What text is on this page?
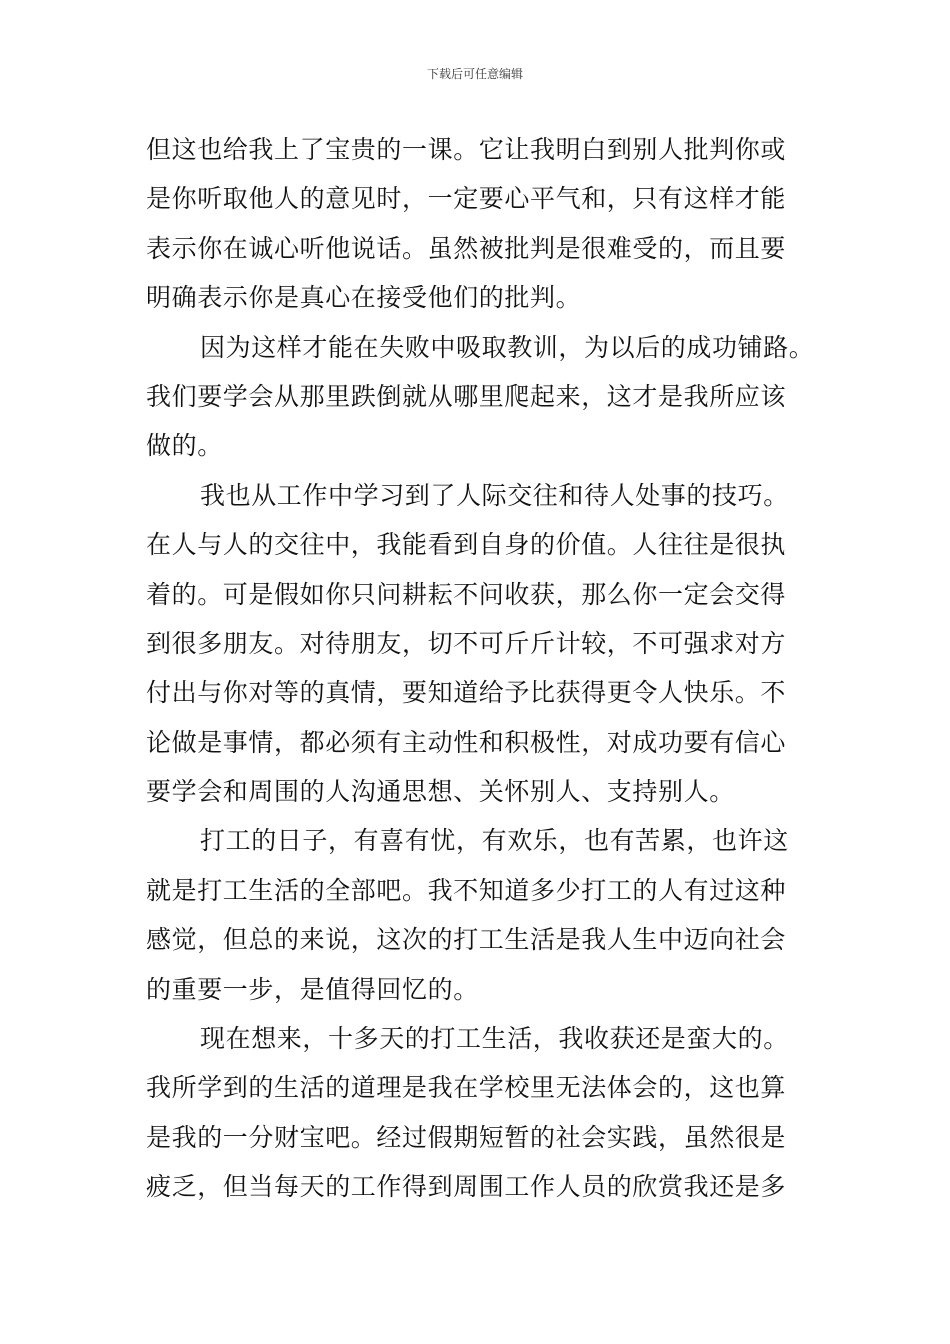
下载后可任意编辑
但这也给我上了宝贵的一课。它让我明白到别人批判你或
是你听取他人的意见时，一定要心平气和，只有这样才能
表示你在诚心听他说话。虽然被批判是很难受的，而且要
明确表示你是真心在接受他们的批判。
因为这样才能在失败中吸取教训，为以后的成功铺路。
我们要学会从那里跌倒就从哪里爬起来，这才是我所应该
做的。
我也从工作中学习到了人际交往和待人处事的技巧。
在人与人的交往中，我能看到自身的价值。人往往是很执
着的。可是假如你只问耕耘不问收获，那么你一定会交得
到很多朋友。对待朋友，切不可斤斤计较，不可强求对方
付出与你对等的真情，要知道给予比获得更令人快乐。不
论做是事情，都必须有主动性和积极性，对成功要有信心
要学会和周围的人沟通思想、关怀别人、支持别人。
打工的日子，有喜有忧，有欢乐，也有苦累，也许这
就是打工生活的全部吧。我不知道多少打工的人有过这种
感觉，但总的来说，这次的打工生活是我人生中迈向社会
的重要一步，是值得回忆的。
现在想来，十多天的打工生活，我收获还是蛮大的。
我所学到的生活的道理是我在学校里无法体会的，这也算
是我的一分财宝吧。经过假期短暂的社会实践，虽然很是
疲乏，但当每天的工作得到周围工作人员的欣赏我还是多
